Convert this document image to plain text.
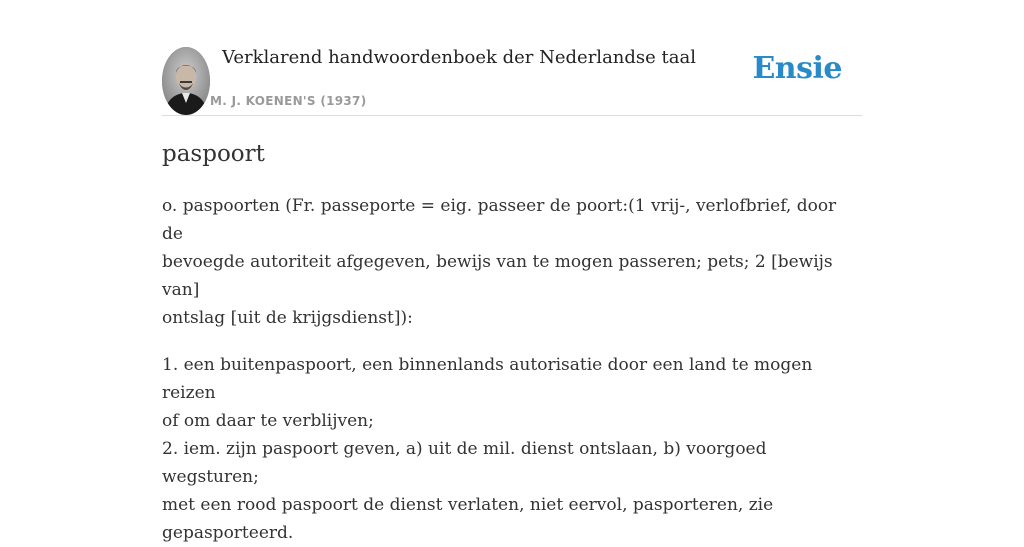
Verklarend handwoordenboek der Nederlandse taal
M. J. KOENEN'S (1937)
Ensie
paspoort

o. paspoorten (Fr. passeporte = eig. passeer de poort:(1 vrij-, verlofbrief, door de
bevoegde autoriteit afgegeven, bewijs van te mogen passeren; pets; 2 [bewijs van]
ontslag [uit de krijgsdienst]):

1. een buitenpaspoort, een binnenlands autorisatie door een land te mogen reizen
of om daar te verblijven;
2. iem. zijn paspoort geven, a) uit de mil. dienst ontslaan, b) voorgoed wegsturen;
met een rood paspoort de dienst verlaten, niet eervol, pasporteren, zie
gepasporteerd.
